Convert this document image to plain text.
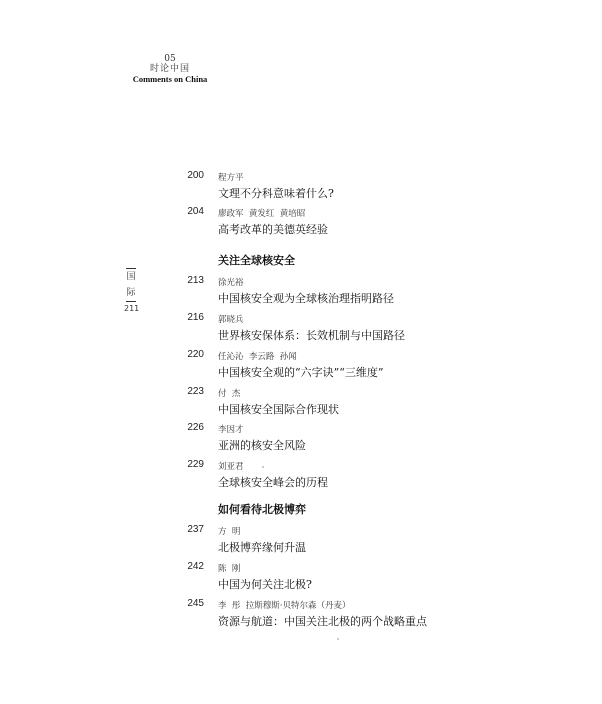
05
时论中国
Comments on China
国
际
211
200 程方平
文理不分科意味着什么?
204 廖政军  黄发红  黄培昭
高考改革的美德英经验
关注全球核安全
213 徐光裕
中国核安全观为全球核治理指明路径
216 郭晓兵
世界核安保体系：长效机制与中国路径
220 任沁沁  李云路  孙闻
中国核安全观的“六字诀”“三维度”
223 付  杰
中国核安全国际合作现状
226 李因才
亚洲的核安全风险
229 刘亚君
全球核安全峰会的历程
如何看待北极博弈
237 方  明
北极博弈缘何升温
242 陈  刚
中国为何关注北极?
245 李  彤  拉斯穆斯·贝特尔森（丹麦）
资源与航道：中国关注北极的两个战略重点
